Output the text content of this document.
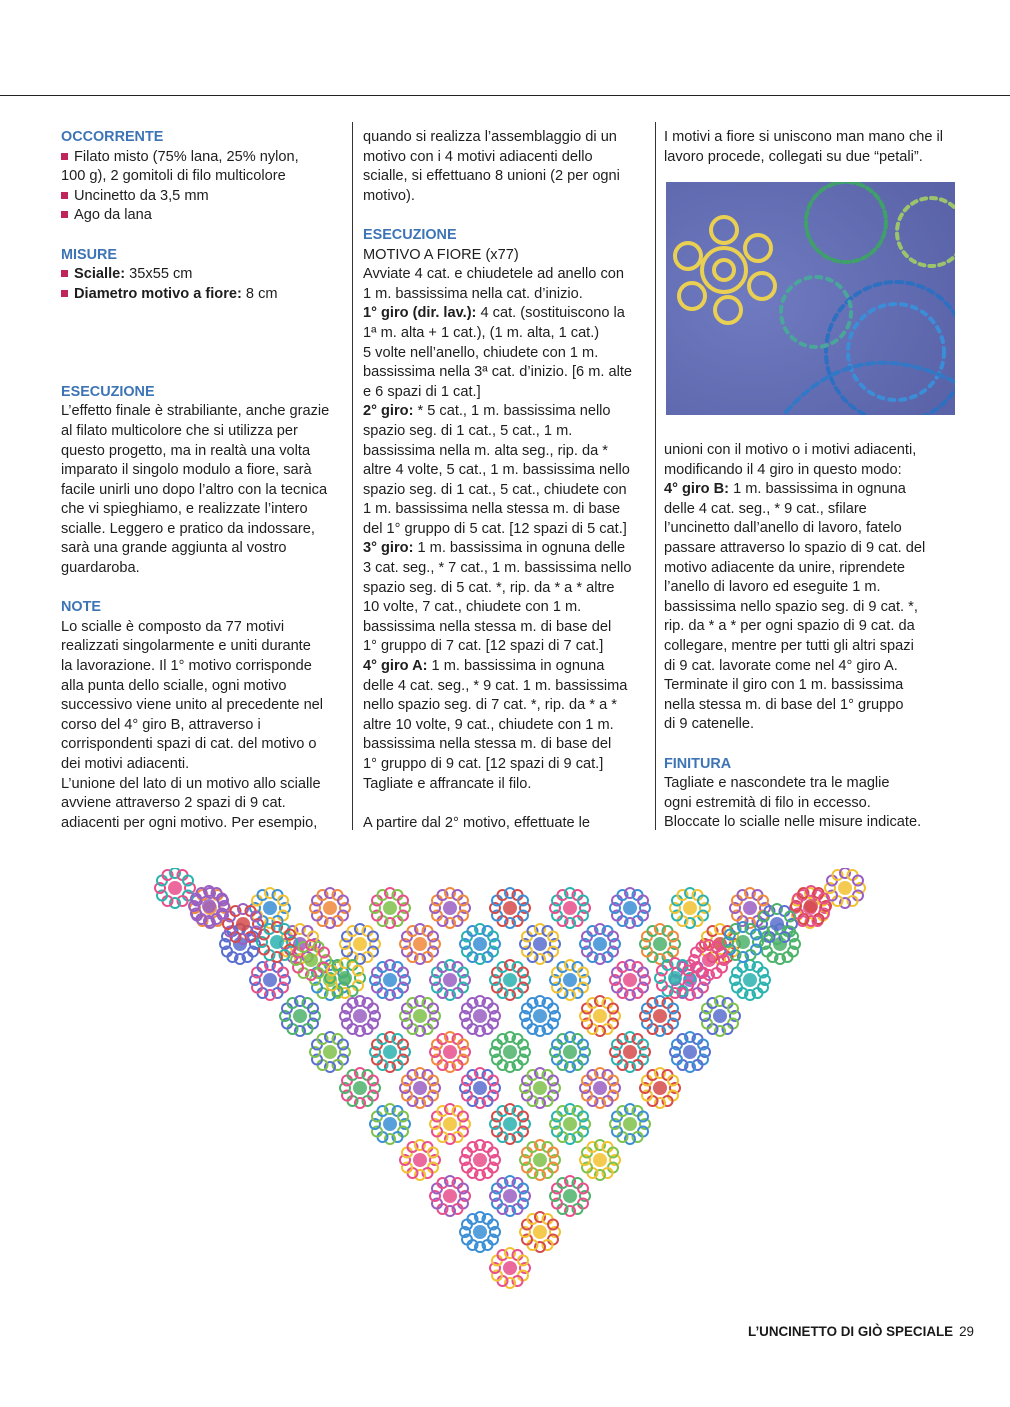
OCCORRENTE

Filato misto (75% lana, 25% nylon,

100 g), 2 gomitoli di filo multicolore

Uncinetto da 3,5 mm

Ago da lana

MISURE

Scialle: 35x55 cm

Diametro motivo a fiore: 8 cm

ESECUZIONE

L’effetto finale è strabiliante, anche grazie

al filato multicolore che si utilizza per

questo progetto, ma in realtà una volta

imparato il singolo modulo a fiore, sarà

facile unirli uno dopo l’altro con la tecnica

che vi spieghiamo, e realizzate l’intero

scialle. Leggero e pratico da indossare,

sarà una grande aggiunta al vostro

guardaroba.

NOTE

Lo scialle è composto da 77 motivi

realizzati singolarmente e uniti durante

la lavorazione. Il 1° motivo corrisponde

alla punta dello scialle, ogni motivo

successivo viene unito al precedente nel

corso del 4° giro B, attraverso i

corrispondenti spazi di cat. del motivo o

dei motivi adiacenti.

L’unione del lato di un motivo allo scialle

avviene attraverso 2 spazi di 9 cat.

adiacenti per ogni motivo. Per esempio,

quando si realizza l’assemblaggio di un

motivo con i 4 motivi adiacenti dello

scialle, si effettuano 8 unioni (2 per ogni

motivo).

ESECUZIONE

MOTIVO A FIORE (x77)

Avviate 4 cat. e chiudetele ad anello con

1 m. bassissima nella cat. d’inizio.

1° giro (dir. lav.): 4 cat. (sostituiscono la

1ª m. alta + 1 cat.), (1 m. alta, 1 cat.)

5 volte nell’anello, chiudete con 1 m.

bassissima nella 3ª cat. d’inizio. [6 m. alte

e 6 spazi di 1 cat.]

2° giro: * 5 cat., 1 m. bassissima nello

spazio seg. di 1 cat., 5 cat., 1 m.

bassissima nella m. alta seg., rip. da *

altre 4 volte, 5 cat., 1 m. bassissima nello

spazio seg. di 1 cat., 5 cat., chiudete con

1 m. bassissima nella stessa m. di base

del 1° gruppo di 5 cat. [12 spazi di 5 cat.]

3° giro: 1 m. bassissima in ognuna delle

3 cat. seg., * 7 cat., 1 m. bassissima nello

spazio seg. di 5 cat. *, rip. da * a * altre

10 volte, 7 cat., chiudete con 1 m.

bassissima nella stessa m. di base del

1° gruppo di 7 cat. [12 spazi di 7 cat.]

4° giro A: 1 m. bassissima in ognuna

delle 4 cat. seg., * 9 cat. 1 m. bassissima

nello spazio seg. di 7 cat. *, rip. da * a *

altre 10 volte, 9 cat., chiudete con 1 m.

bassissima nella stessa m. di base del

1° gruppo di 9 cat. [12 spazi di 9 cat.]

Tagliate e affrancate il filo.

A partire dal 2° motivo, effettuate le

I motivi a fiore si uniscono man mano che il

lavoro procede, collegati su due “petali”.

unioni con il motivo o i motivi adiacenti,

modificando il 4 giro in questo modo:

4° giro B: 1 m. bassissima in ognuna

delle 4 cat. seg., * 9 cat., sfilare

l’uncinetto dall’anello di lavoro, fatelo

passare attraverso lo spazio di 9 cat. del

motivo adiacente da unire, riprendete

l’anello di lavoro ed eseguite 1 m.

bassissima nello spazio seg. di 9 cat. *,

rip. da * a * per ogni spazio di 9 cat. da

collegare, mentre per tutti gli altri spazi

di 9 cat. lavorate come nel 4° giro A.

Terminate il giro con 1 m. bassissima

nella stessa m. di base del 1° gruppo

di 9 catenelle.

FINITURA

Tagliate e nascondete tra le maglie

ogni estremità di filo in eccesso.

Bloccate lo scialle nelle misure indicate.

L’UNCINETTO DI GIÒ SPECIALE 29
